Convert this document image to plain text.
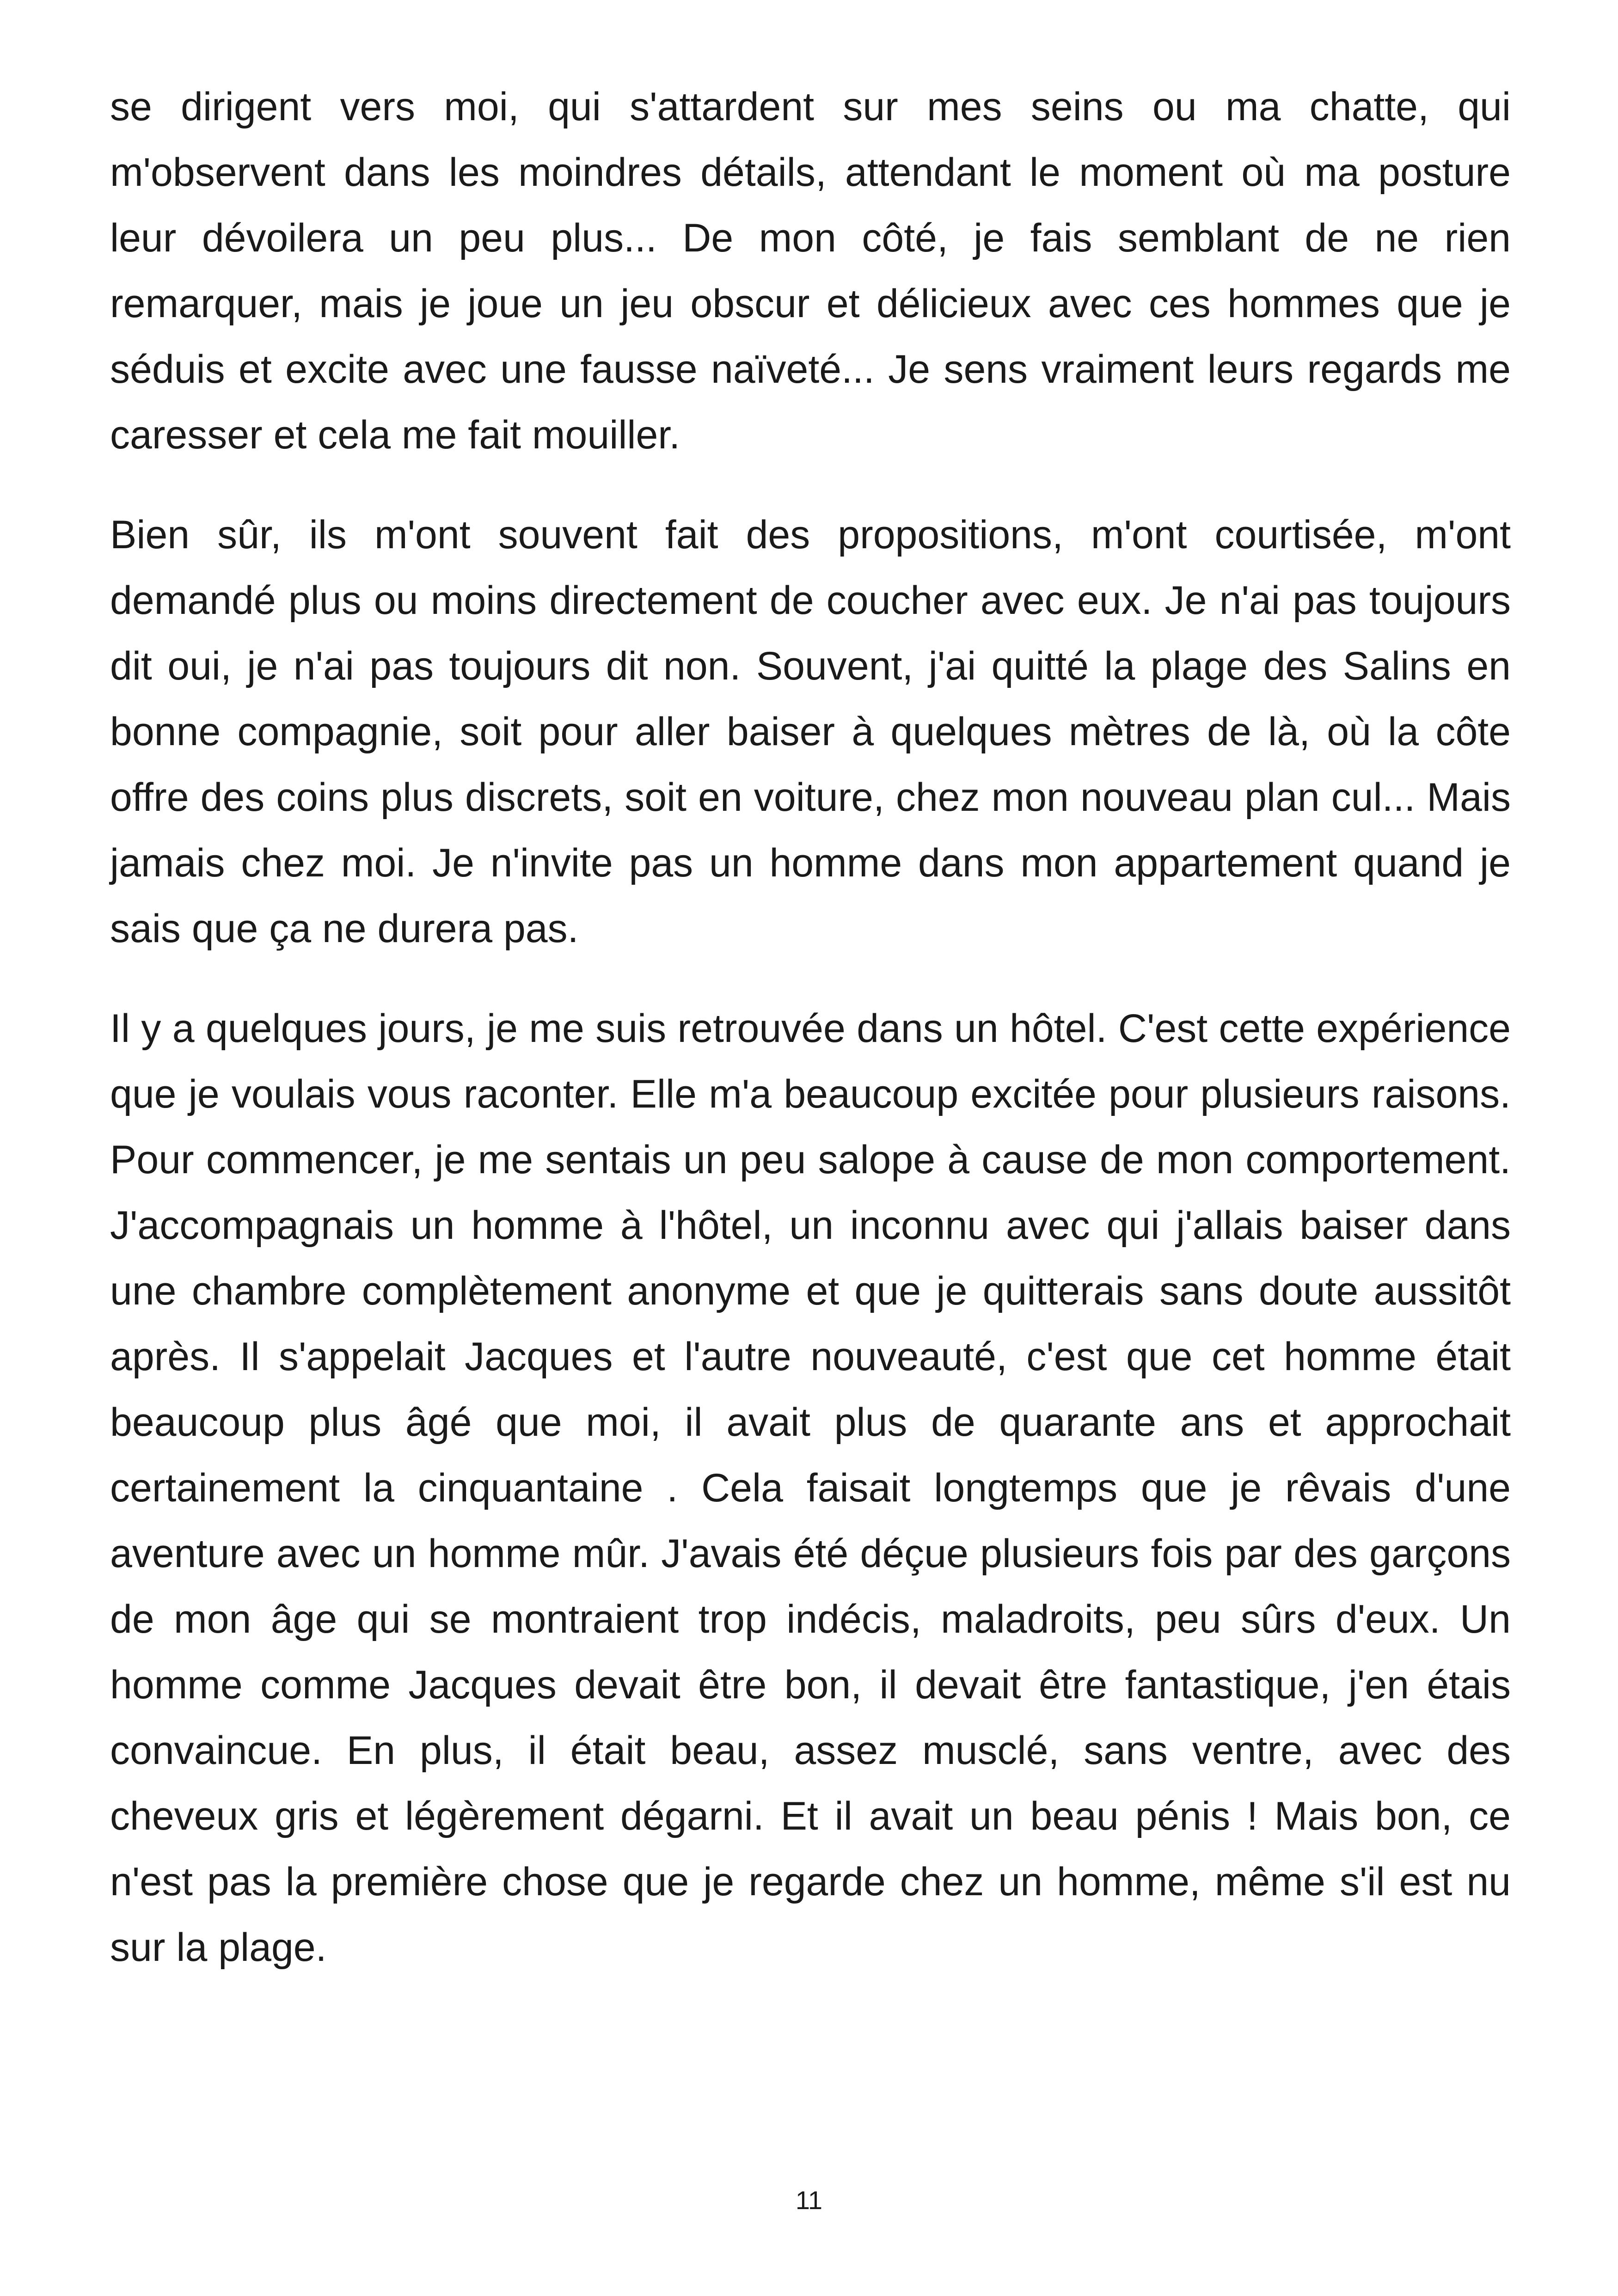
se dirigent vers moi, qui s'attardent sur mes seins ou ma chatte, qui m'observent dans les moindres détails, attendant le moment où ma posture leur dévoilera un peu plus... De mon côté, je fais semblant de ne rien remarquer, mais je joue un jeu obscur et délicieux avec ces hommes que je séduis et excite avec une fausse naïveté... Je sens vraiment leurs regards me caresser et cela me fait mouiller.

Bien sûr, ils m'ont souvent fait des propositions, m'ont courtisée, m'ont demandé plus ou moins directement de coucher avec eux. Je n'ai pas toujours dit oui, je n'ai pas toujours dit non. Souvent, j'ai quitté la plage des Salins en bonne compagnie, soit pour aller baiser à quelques mètres de là, où la côte offre des coins plus discrets, soit en voiture, chez mon nouveau plan cul... Mais jamais chez moi. Je n'invite pas un homme dans mon appartement quand je sais que ça ne durera pas.

Il y a quelques jours, je me suis retrouvée dans un hôtel. C'est cette expérience que je voulais vous raconter. Elle m'a beaucoup excitée pour plusieurs raisons. Pour commencer, je me sentais un peu salope à cause de mon comportement. J'accompagnais un homme à l'hôtel, un inconnu avec qui j'allais baiser dans une chambre complètement anonyme et que je quitterais sans doute aussitôt après. Il s'appelait Jacques et l'autre nouveauté, c'est que cet homme était beaucoup plus âgé que moi, il avait plus de quarante ans et approchait certainement la cinquantaine . Cela faisait longtemps que je rêvais d'une aventure avec un homme mûr. J'avais été déçue plusieurs fois par des garçons de mon âge qui se montraient trop indécis, maladroits, peu sûrs d'eux. Un homme comme Jacques devait être bon, il devait être fantastique, j'en étais convaincue. En plus, il était beau, assez musclé, sans ventre, avec des cheveux gris et légèrement dégarni. Et il avait un beau pénis ! Mais bon, ce n'est pas la première chose que je regarde chez un homme, même s'il est nu sur la plage.

11
